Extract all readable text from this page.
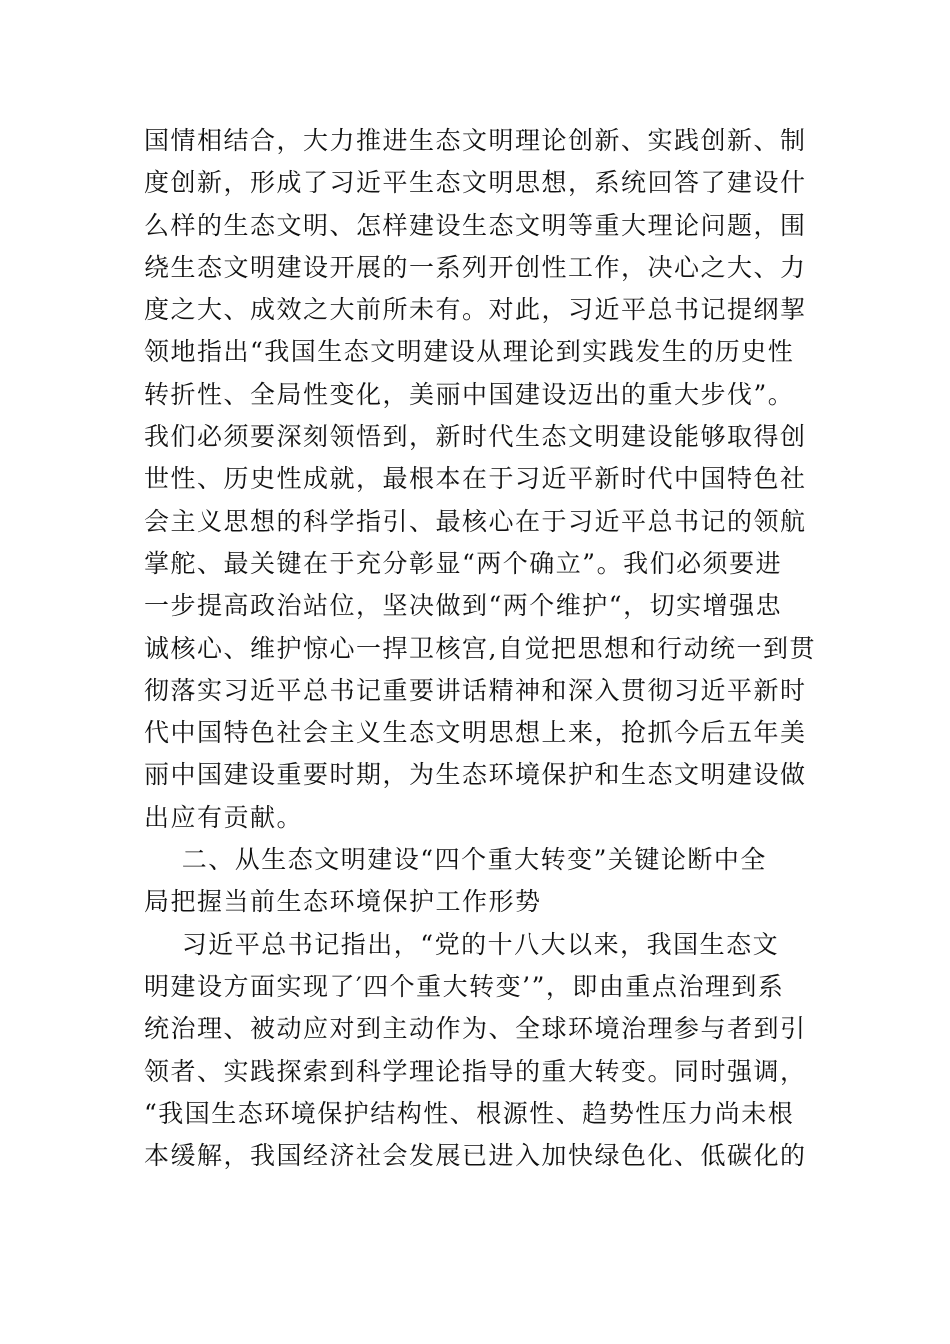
国情相结合，大力推进生态文明理论创新、实践创新、制
度创新，形成了习近平生态文明思想，系统回答了建设什
么样的生态文明、怎样建设生态文明等重大理论问题，围
绕生态文明建设开展的一系列开创性工作，决心之大、力
度之大、成效之大前所未有。对此，习近平总书记提纲挈
领地指出“我国生态文明建设从理论到实践发生的历史性
转折性、全局性变化，美丽中国建设迈出的重大步伐”。
我们必须要深刻领悟到，新时代生态文明建设能够取得创
世性、历史性成就，最根本在于习近平新时代中国特色社
会主义思想的科学指引、最核心在于习近平总书记的领航
掌舵、最关键在于充分彰显“两个确立”。我们必须要进
一步提高政治站位，坚决做到“两个维护“，切实增强忠
诚核心、维护惊心一捍卫核宫,自觉把思想和行动统一到贯
彻落实习近平总书记重要讲话精神和深入贯彻习近平新时
代中国特色社会主义生态文明思想上来，抢抓今后五年美
丽中国建设重要时期，为生态环境保护和生态文明建设做
出应有贡献。
二、从生态文明建设“四个重大转变”关键论断中全
局把握当前生态环境保护工作形势
习近平总书记指出，“党的十八大以来，我国生态文
明建设方面实现了′四个重大转变’”，即由重点治理到系
统治理、被动应对到主动作为、全球环境治理参与者到引
领者、实践探索到科学理论指导的重大转变。同时强调，
“我国生态环境保护结构性、根源性、趋势性压力尚未根
本缓解，我国经济社会发展已进入加快绿色化、低碳化的
